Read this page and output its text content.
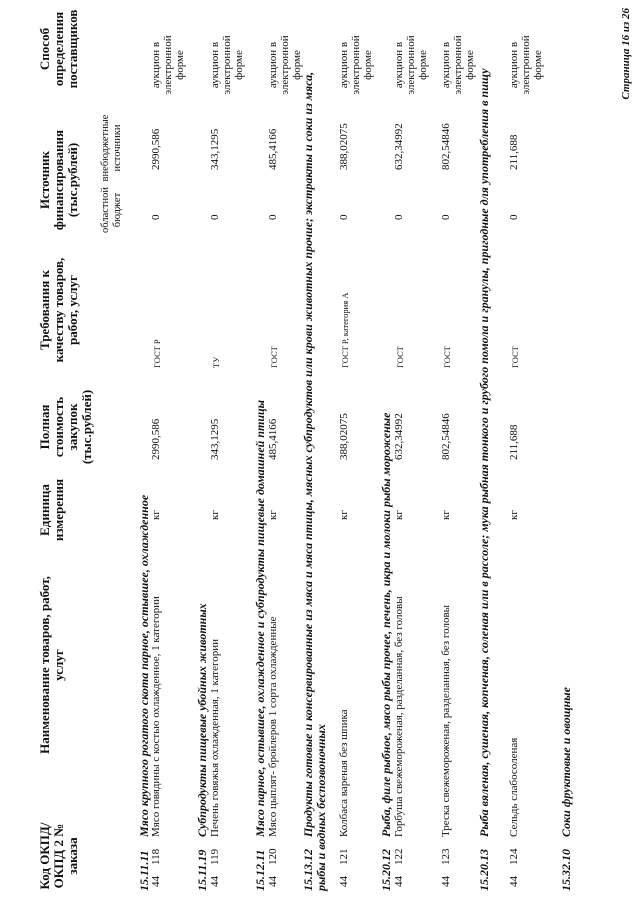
Код ОКПД/ ОКПД 2 № заказа
Наименование товаров, работ, услуг
Единица измерения
Полная стоимость закупок (тыс.рублей)
Требования к качеству товаров, работ, услуг
Источник финансирования (тыс.рублей) областной бюджет
внебюджетные источники
Способ определения поставщиков
15.11.11Мясо крупного рогатого скота парное, остывшее, охлажденное
44
118
Мясо говядины с костью охлажденное, 1 категории
кг
2990,586
ГОСТ Р
0
2990,586
аукцион в электронной форме
15.11.19Субпродукты пищевые убойных животных
44
119
Печень говяжья охлажденная, 1 категории
кг
343,1295
ТУ
0
343,1295
аукцион в электронной форме
15.12.11Мясо парное, остывшее, охлажденное и субпродукты пищевые домашней птицы
44
120
Мясо цыплят- бройлеров 1 сорта охлажденные
кг
485,4166
ГОСТ
0
485,4166
аукцион в электронной форме
15.13.12Продукты готовые и консервированные из мяса и мяса птицы, мясных субпродуктов или крови животных прочие; экстракты и соки из мяса, рыбы и водных беспозвоночных 44
121
Колбаса вареная без шпика
кг
388,02075
ГОСТ Р, категория А
0
388,02075
аукцион в электронной форме
15.20.12Рыба, филе рыбное, мясо рыбы прочее, печень, икра и молоки рыбы мороженые
44
122
Горбуша свежемороженая, разделанная, без головы
кг
632,34992
ГОСТ
0
632,34992
аукцион в электронной форме
44
123
Треска свежемороженая, разделанная, без головы
кг
802,54846
ГОСТ
0
802,54846
аукцион в электронной форме
15.20.13Рыба вяленая, сушеная, копченая, соленая или в рассоле; мука рыбная тонкого и грубого помола и гранулы, пригодные для употребления в пищу
44
124
Сельдь слабосоленая
кг
211,688
ГОСТ
0
211,688
аукцион в электронной форме
15.32.10Соки фруктовые и овощные
Страница 16 из 26
